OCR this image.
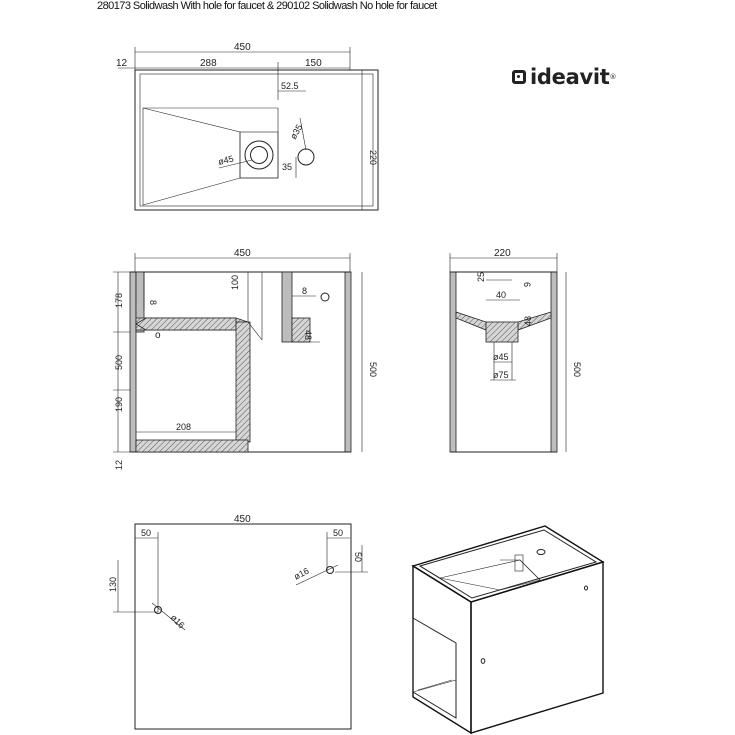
280173 Solidwash With hole for faucet & 290102 Solidwash No hole for faucet
ideavit ®
450
12	288	150
52.5
ø45
ø35
35
220
450
8
100
8
48
o
178
500
190
12
208
500
220
25
40
6
48
ø45
ø75	500
450
50	50
50
130
ø16
ø16
